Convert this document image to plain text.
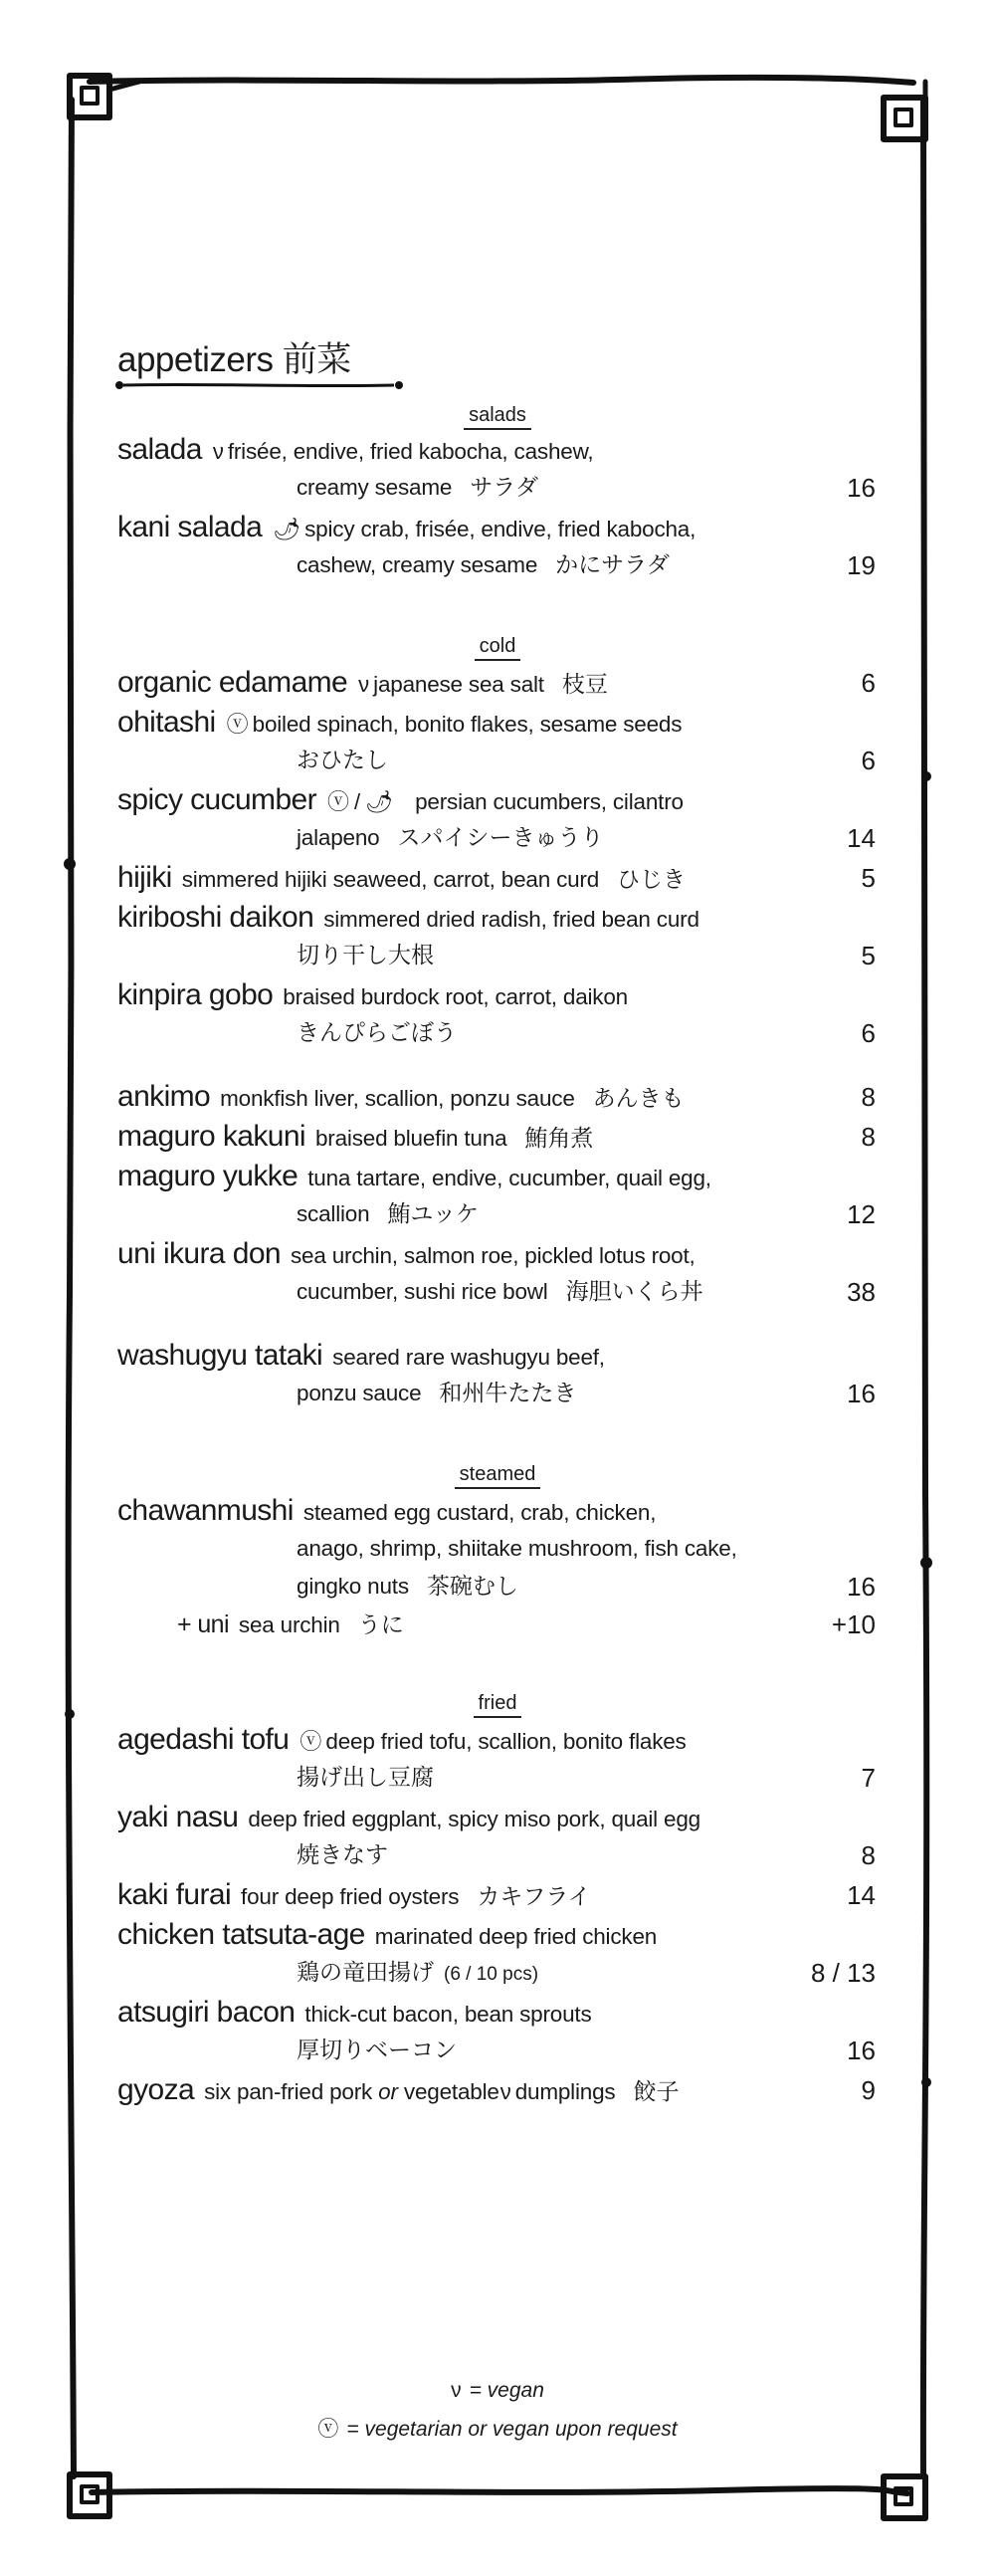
appetizers 前菜
salads
salada ν frisée, endive, fried kabocha, cashew,
creamy sesame サラダ	16
kani salada 🌶 spicy crab, frisée, endive, fried kabocha,
cashew, creamy sesame かにサラダ	19
cold
organic edamame ν japanese sea salt 枝豆	6
ohitashi ⓥ boiled spinach, bonito flakes, sesame seeds
おひたし	6
spicy cucumber ⓥ / 🌶 persian cucumbers, cilantro
jalapeno スパイシーきゅうり	14
hijiki simmered hijiki seaweed, carrot, bean curd ひじき	5
kiriboshi daikon simmered dried radish, fried bean curd
切り干し大根	5
kinpira gobo braised burdock root, carrot, daikon
きんぴらごぼう	6
ankimo monkfish liver, scallion, ponzu sauce あんきも	8
maguro kakuni braised bluefin tuna 鮪角煮	8
maguro yukke tuna tartare, endive, cucumber, quail egg,
scallion 鮪ユッケ	12
uni ikura don sea urchin, salmon roe, pickled lotus root,
cucumber, sushi rice bowl 海胆いくら丼	38
washugyu tataki seared rare washugyu beef,
ponzu sauce 和州牛たたき	16
steamed
chawanmushi steamed egg custard, crab, chicken,
anago, shrimp, shiitake mushroom, fish cake,
gingko nuts 茶碗むし	16
+ uni sea urchin うに	+10
fried
agedashi tofu ⓥ deep fried tofu, scallion, bonito flakes
揚げ出し豆腐	7
yaki nasu deep fried eggplant, spicy miso pork, quail egg
焼きなす	8
kaki furai four deep fried oysters カキフライ	14
chicken tatsuta-age marinated deep fried chicken
鶏の竜田揚げ (6 / 10 pcs)	8 / 13
atsugiri bacon thick-cut bacon, bean sprouts
厚切りベーコン	16
gyoza six pan-fried pork or vegetableν dumplings 餃子	9
ν = vegan
ⓥ = vegetarian or vegan upon request
